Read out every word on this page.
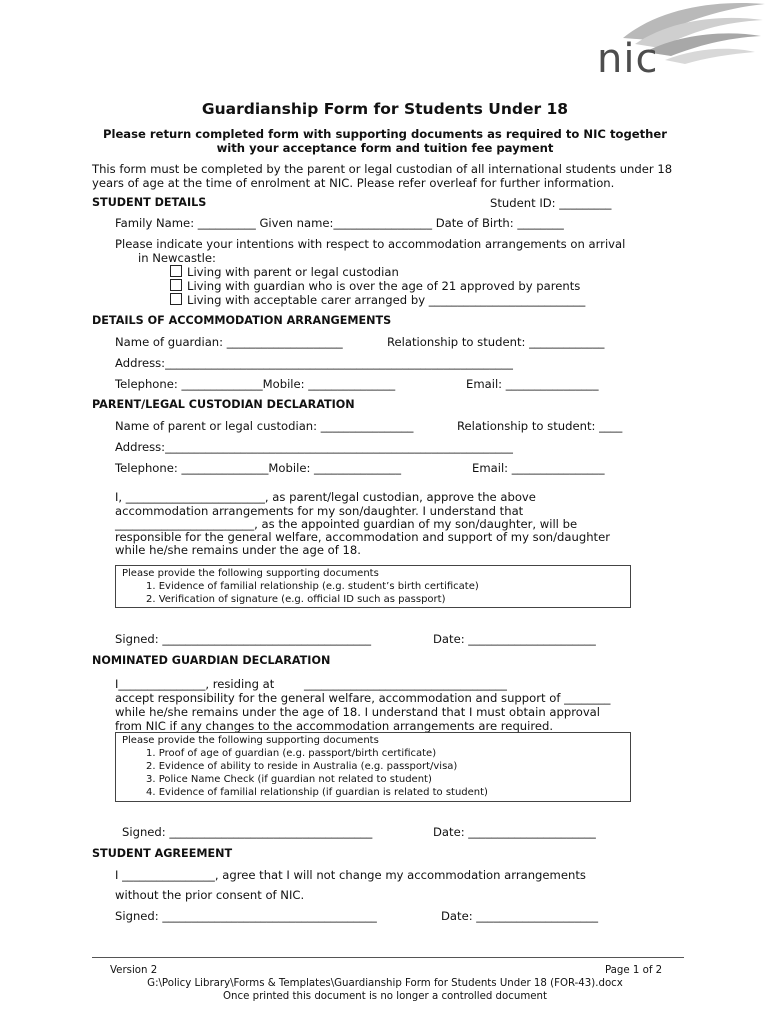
nic
Guardianship Form for Students Under 18
Please return completed form with supporting documents as required to NIC together
with your acceptance form and tuition fee payment
This form must be completed by the parent or legal custodian of all international students under 18
years of age at the time of enrolment at NIC. Please refer overleaf for further information.
STUDENT DETAILS	Student ID: _________
Family Name: __________ Given name:_________________ Date of Birth: ________
Please indicate your intentions with respect to accommodation arrangements on arrival
in Newcastle:
Living with parent or legal custodian
Living with guardian who is over the age of 21 approved by parents
Living with acceptable carer arranged by ___________________________
DETAILS OF ACCOMMODATION ARRANGEMENTS
Name of guardian: ____________________	Relationship to student: _____________
Address:____________________________________________________________
Telephone: ______________Mobile: _______________	Email: ________________
PARENT/LEGAL CUSTODIAN DECLARATION
Name of parent or legal custodian: ________________	Relationship to student: ____
Address:____________________________________________________________
Telephone: _______________Mobile: _______________	Email: ________________
I, ________________________, as parent/legal custodian, approve the above
accommodation arrangements for my son/daughter. I understand that
________________________, as the appointed guardian of my son/daughter, will be
responsible for the general welfare, accommodation and support of my son/daughter
while he/she remains under the age of 18.
Please provide the following supporting documents
1. Evidence of familial relationship (e.g. student’s birth certificate)
2. Verification of signature (e.g. official ID such as passport)
Signed: ____________________________________	Date: ______________________
NOMINATED GUARDIAN DECLARATION
I_______________, residing at	___________________________________
accept responsibility for the general welfare, accommodation and support of ________
while he/she remains under the age of 18. I understand that I must obtain approval
from NIC if any changes to the accommodation arrangements are required.
Please provide the following supporting documents
1. Proof of age of guardian (e.g. passport/birth certificate)
2. Evidence of ability to reside in Australia (e.g. passport/visa)
3. Police Name Check (if guardian not related to student)
4. Evidence of familial relationship (if guardian is related to student)
Signed: ___________________________________	Date: ______________________
STUDENT AGREEMENT
I ________________, agree that I will not change my accommodation arrangements
without the prior consent of NIC.
Signed: _____________________________________	Date: _____________________
Version 2	Page 1 of 2
G:\Policy Library\Forms & Templates\Guardianship Form for Students Under 18 (FOR-43).docx
Once printed this document is no longer a controlled document
